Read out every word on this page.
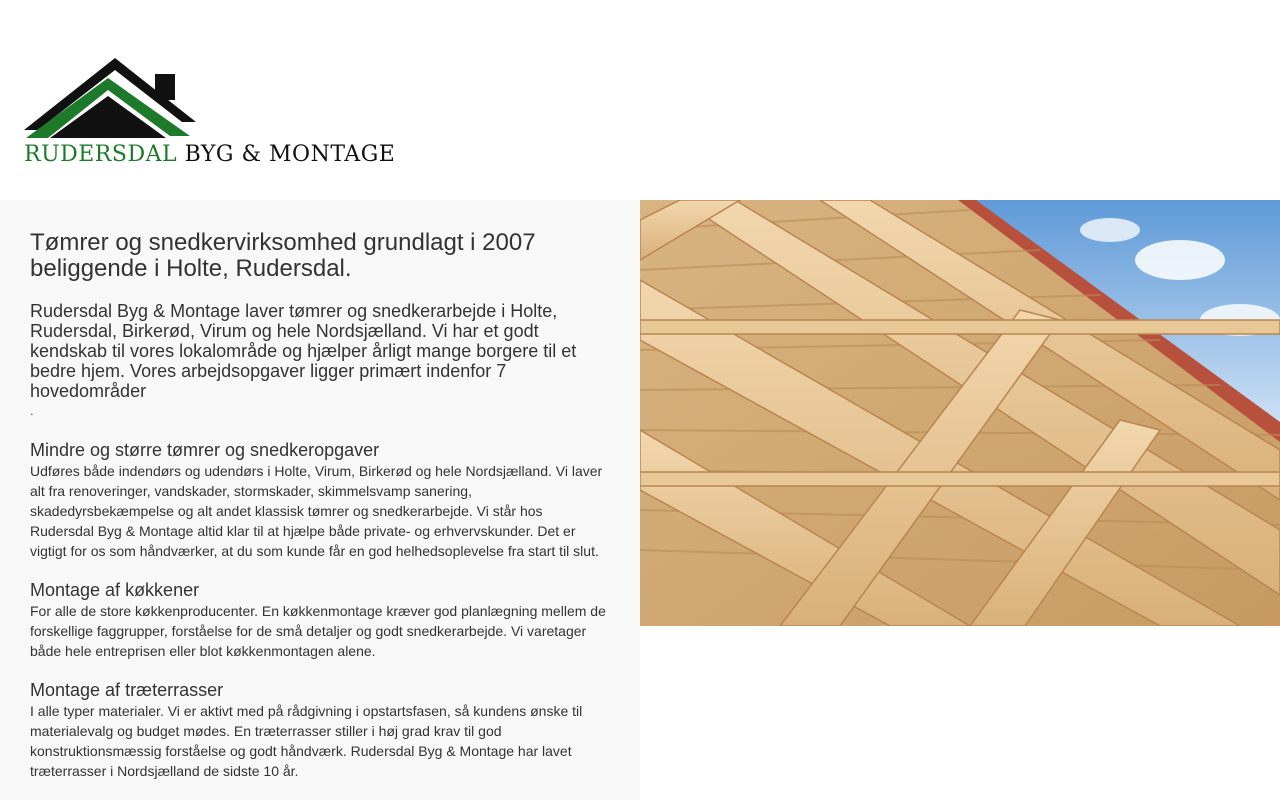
RUDERSDAL BYG & MONTAGE
Tømrer og snedkervirksomhed grundlagt i 2007 beliggende i Holte, Rudersdal.

Rudersdal Byg & Montage laver tømrer og snedkerarbejde i Holte, Rudersdal, Birkerød, Virum og hele Nordsjælland. Vi har et godt kendskab til vores lokalområde og hjælper årligt mange borgere til et bedre hjem. Vores arbejdsopgaver ligger primært indenfor 7 hovedområder

.

Mindre og større tømrer og snedkeropgaver

Udføres både indendørs og udendørs i Holte, Virum, Birkerød og hele Nordsjælland. Vi laver alt fra renoveringer, vandskader, stormskader, skimmelsvamp sanering, skadedyrsbekæmpelse og alt andet klassisk tømrer og snedkerarbejde. Vi står hos Rudersdal Byg & Montage altid klar til at hjælpe både private- og erhvervskunder. Det er vigtigt for os som håndværker, at du som kunde får en god helhedsoplevelse fra start til slut.

Montage af køkkener

For alle de store køkkenproducenter. En køkkenmontage kræver god planlægning mellem de forskellige faggrupper, forståelse for de små detaljer og godt snedkerarbejde. Vi varetager både hele entreprisen eller blot køkkenmontagen alene.

Montage af træterrasser

I alle typer materialer. Vi er aktivt med på rådgivning i opstartsfasen, så kundens ønske til materialevalg og budget mødes. En træterrasser stiller i høj grad krav til god konstruktionsmæssig forståelse og godt håndværk. Rudersdal Byg & Montage har lavet træterrasser i Nordsjælland de sidste 10 år.
